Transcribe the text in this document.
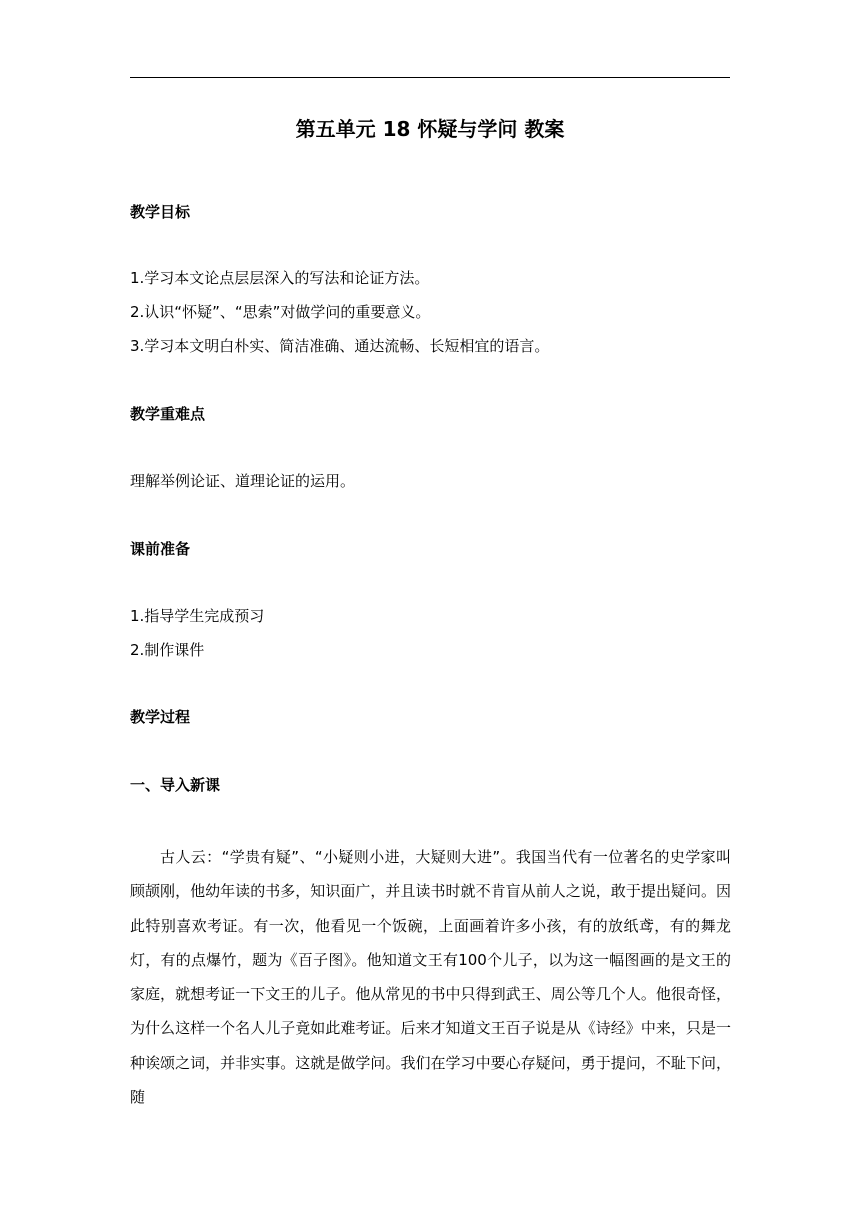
第五单元 18 怀疑与学问 教案
教学目标
1.学习本文论点层层深入的写法和论证方法。
2.认识“怀疑”、“思索”对做学问的重要意义。
3.学习本文明白朴实、简洁准确、通达流畅、长短相宜的语言。
教学重难点
理解举例论证、道理论证的运用。
课前准备
1.指导学生完成预习
2.制作课件
教学过程
一、导入新课
古人云：“学贵有疑”、“小疑则小进，大疑则大进”。我国当代有一位著名的史学家叫顾颉刚，他幼年读的书多，知识面广，并且读书时就不肯盲从前人之说，敢于提出疑问。因此特别喜欢考证。有一次，他看见一个饭碗，上面画着许多小孩，有的放纸鸢，有的舞龙灯，有的点爆竹，题为《百子图》。他知道文王有100个儿子，以为这一幅图画的是文王的家庭，就想考证一下文王的儿子。他从常见的书中只得到武王、周公等几个人。他很奇怪，为什么这样一个名人儿子竟如此难考证。后来才知道文王百子说是从《诗经》中来，只是一种诶颂之词，并非实事。这就是做学问。我们在学习中要心存疑问，勇于提问，不耻下问，随
